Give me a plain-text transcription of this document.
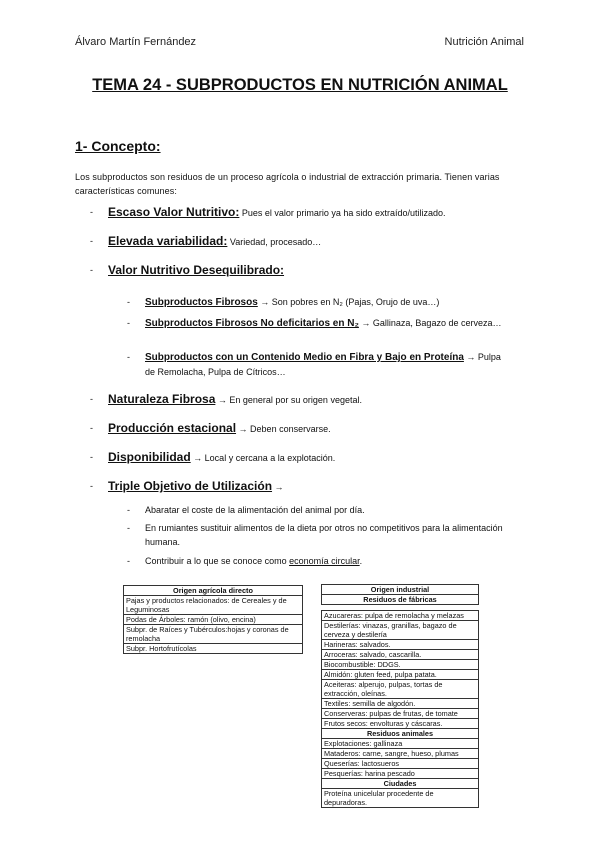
Álvaro Martín Fernández	Nutrición Animal
TEMA 24 - SUBPRODUCTOS EN NUTRICIÓN ANIMAL
1- Concepto:
Los subproductos son residuos de un proceso agrícola o industrial de extracción primaria. Tienen varias características comunes:
- Escaso Valor Nutritivo: Pues el valor primario ya ha sido extraído/utilizado.
- Elevada variabilidad: Variedad, procesado…
- Valor Nutritivo Desequilibrado:
- Subproductos Fibrosos → Son pobres en N₂ (Pajas, Orujo de uva…)
- Subproductos Fibrosos No deficitarios en N₂ → Gallinaza, Bagazo de cerveza…
- Subproductos con un Contenido Medio en Fibra y Bajo en Proteína → Pulpa de Remolacha, Pulpa de Cítricos…
- Naturaleza Fibrosa → En general por su origen vegetal.
- Producción estacional → Deben conservarse.
- Disponibilidad → Local y cercana a la explotación.
- Triple Objetivo de Utilización →
- Abaratar el coste de la alimentación del animal por día.
- En rumiantes sustituir alimentos de la dieta por otros no competitivos para la alimentación humana.
- Contribuir a lo que se conoce como economía circular.
Origen agrícola directo
Pajas y productos relacionados: de Cereales y de Leguminosas
Podas de Árboles: ramón (olivo, encina)
Subpr. de Raíces y Tubérculos:hojas y coronas de remolacha
Subpr. Hortofrutícolas
Origen industrial
Residuos de fábricas

Azucareras: pulpa de remolacha y melazas
Destilerías: vinazas, granillas, bagazo de cerveza y destilería
Harineras: salvados.
Arroceras: salvado, cascarilla.
Biocombustible: DDGS.
Almidón: gluten feed, pulpa patata.
Aceiteras: alperujo, pulpas, tortas de extracción, oleínas.
Textiles: semilla de algodón.
Conserveras: pulpas de frutas, de tomate
Frutos secos: envolturas y cáscaras.
Residuos animales
Explotaciones: gallinaza
Mataderos: carne, sangre, hueso, plumas
Queserías: lactosueros
Pesquerías: harina pescado
Ciudades
Proteína unicelular procedente de depuradoras.
